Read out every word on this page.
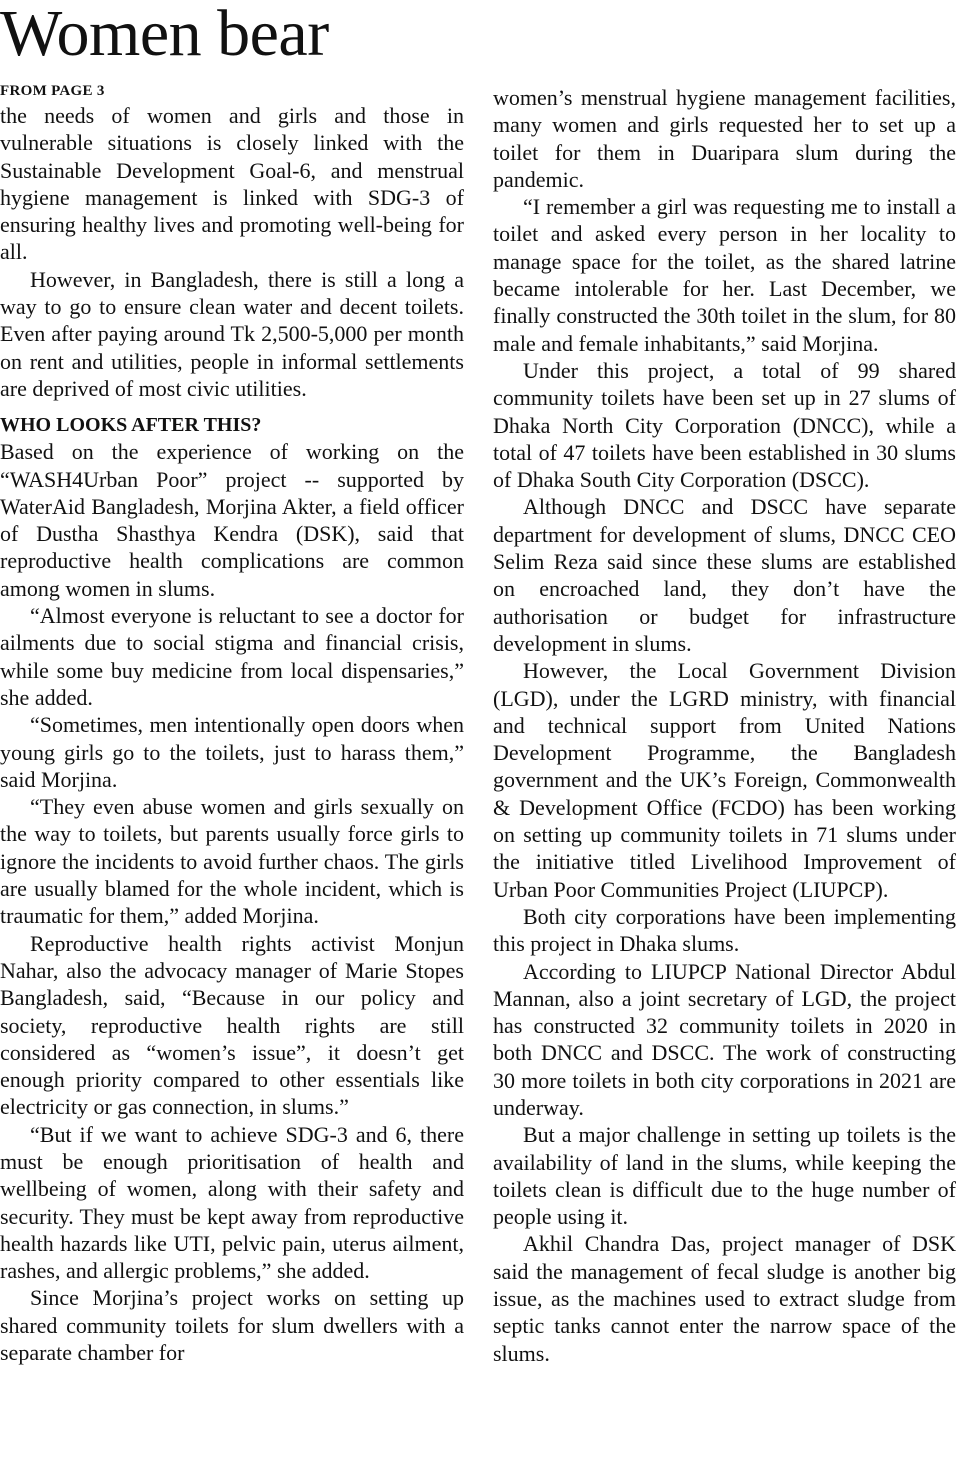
Women bear
FROM PAGE 3

the needs of women and girls and those in vulnerable situations is closely linked with the Sustainable Development Goal-6, and menstrual hygiene management is linked with SDG-3 of ensuring healthy lives and promoting well-being for all.

However, in Bangladesh, there is still a long a way to go to ensure clean water and decent toilets. Even after paying around Tk 2,500-5,000 per month on rent and utilities, people in informal settlements are deprived of most civic utilities.

WHO LOOKS AFTER THIS?

Based on the experience of working on the “WASH4Urban Poor” project -- supported by WaterAid Bangladesh, Morjina Akter, a field officer of Dustha Shasthya Kendra (DSK), said that reproductive health complications are common among women in slums.

“Almost everyone is reluctant to see a doctor for ailments due to social stigma and financial crisis, while some buy medicine from local dispensaries,” she added.

“Sometimes, men intentionally open doors when young girls go to the toilets, just to harass them,” said Morjina.

“They even abuse women and girls sexually on the way to toilets, but parents usually force girls to ignore the incidents to avoid further chaos. The girls are usually blamed for the whole incident, which is traumatic for them,” added Morjina.

Reproductive health rights activist Monjun Nahar, also the advocacy manager of Marie Stopes Bangladesh, said, “Because in our policy and society, reproductive health rights are still considered as “women’s issue”, it doesn’t get enough priority compared to other essentials like electricity or gas connection, in slums.”

“But if we want to achieve SDG-3 and 6, there must be enough prioritisation of health and wellbeing of women, along with their safety and security. They must be kept away from reproductive health hazards like UTI, pelvic pain, uterus ailment, rashes, and allergic problems,” she added.

Since Morjina’s project works on setting up shared community toilets for slum dwellers with a separate chamber for

women’s menstrual hygiene management facilities, many women and girls requested her to set up a toilet for them in Duaripara slum during the pandemic.

“I remember a girl was requesting me to install a toilet and asked every person in her locality to manage space for the toilet, as the shared latrine became intolerable for her. Last December, we finally constructed the 30th toilet in the slum, for 80 male and female inhabitants,” said Morjina.

Under this project, a total of 99 shared community toilets have been set up in 27 slums of Dhaka North City Corporation (DNCC), while a total of 47 toilets have been established in 30 slums of Dhaka South City Corporation (DSCC).

Although DNCC and DSCC have separate department for development of slums, DNCC CEO Selim Reza said since these slums are established on encroached land, they don’t have the authorisation or budget for infrastructure development in slums.

However, the Local Government Division (LGD), under the LGRD ministry, with financial and technical support from United Nations Development Programme, the Bangladesh government and the UK’s Foreign, Commonwealth & Development Office (FCDO) has been working on setting up community toilets in 71 slums under the initiative titled Livelihood Improvement of Urban Poor Communities Project (LIUPCP).

Both city corporations have been implementing this project in Dhaka slums.

According to LIUPCP National Director Abdul Mannan, also a joint secretary of LGD, the project has constructed 32 community toilets in 2020 in both DNCC and DSCC. The work of constructing 30 more toilets in both city corporations in 2021 are underway.

But a major challenge in setting up toilets is the availability of land in the slums, while keeping the toilets clean is difficult due to the huge number of people using it.

Akhil Chandra Das, project manager of DSK said the management of fecal sludge is another big issue, as the machines used to extract sludge from septic tanks cannot enter the narrow space of the slums.
